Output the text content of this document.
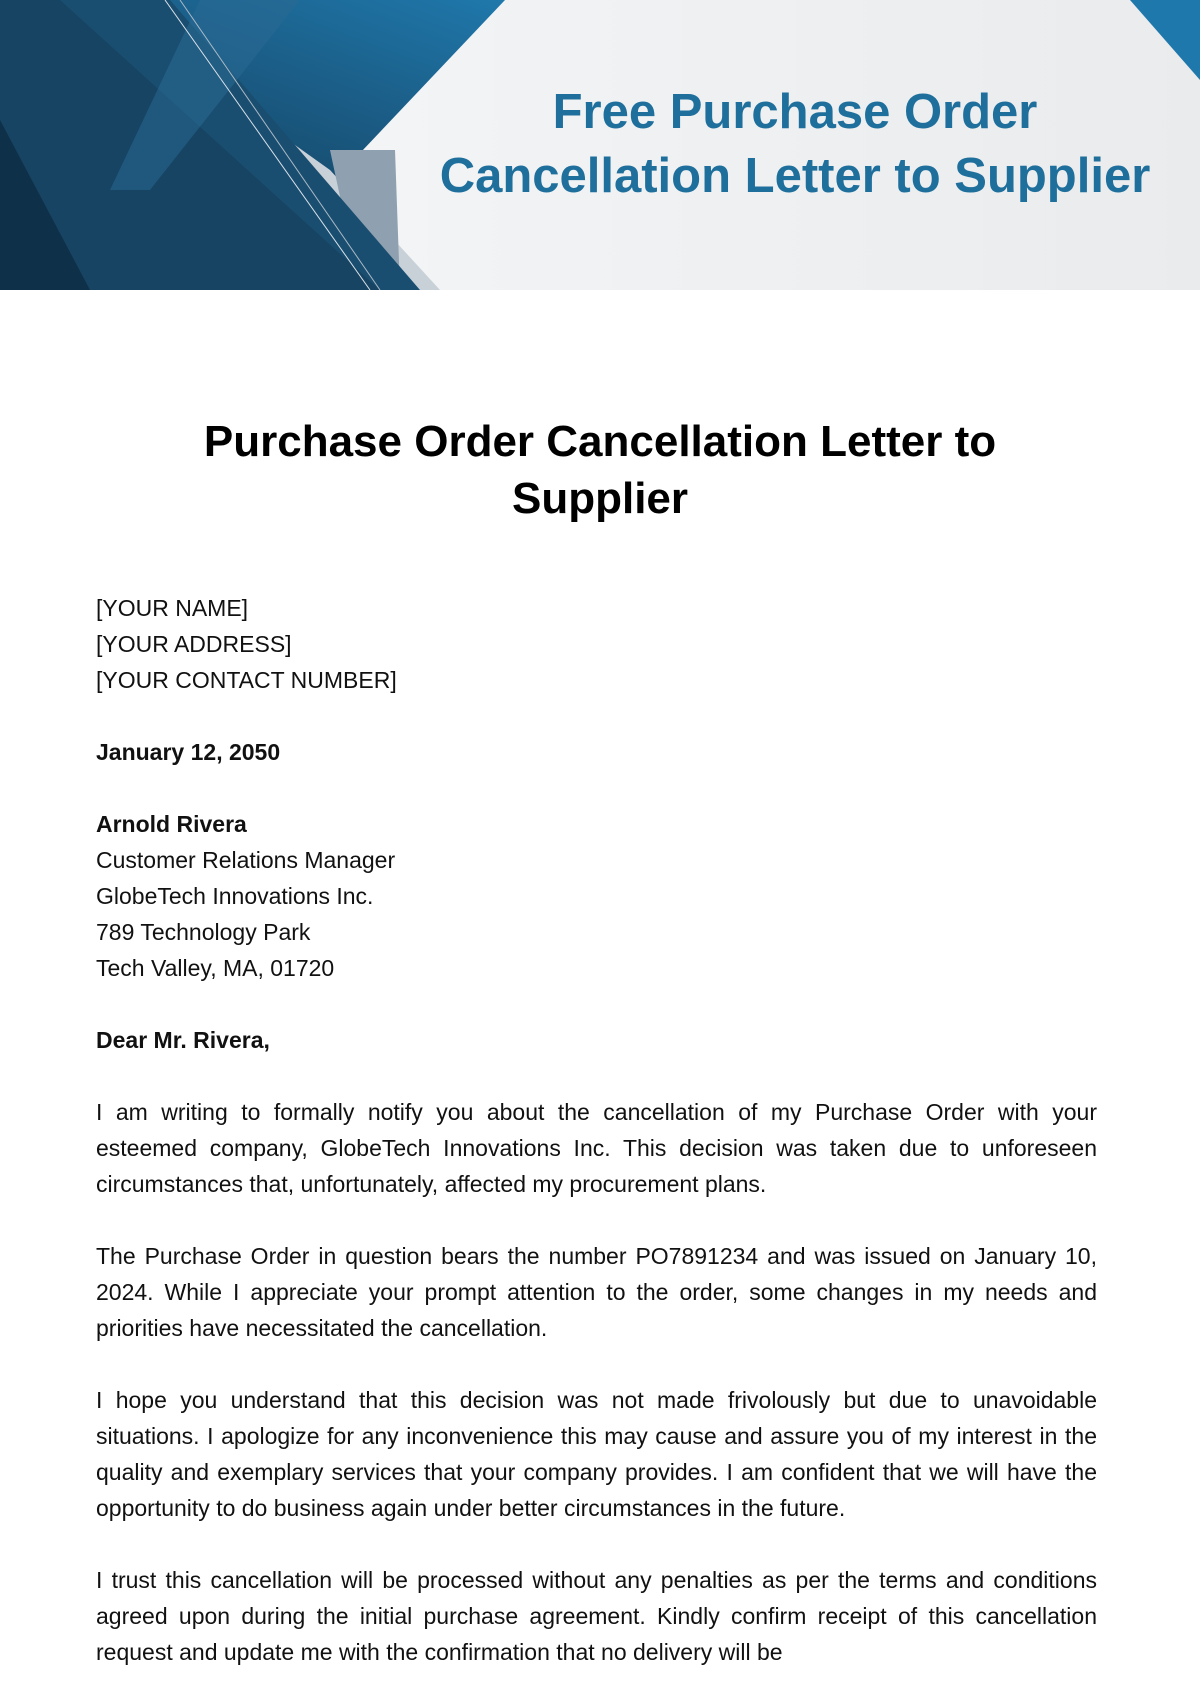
Free Purchase Order
Cancellation Letter to Supplier
Purchase Order Cancellation Letter to
Supplier
[YOUR NAME]
[YOUR ADDRESS]
[YOUR CONTACT NUMBER]
January 12, 2050
Arnold Rivera
Customer Relations Manager
GlobeTech Innovations Inc.
789 Technology Park
Tech Valley, MA, 01720
Dear Mr. Rivera,

I am writing to formally notify you about the cancellation of my Purchase Order with your esteemed company, GlobeTech Innovations Inc. This decision was taken due to unforeseen circumstances that, unfortunately, affected my procurement plans.

The Purchase Order in question bears the number PO7891234 and was issued on January 10, 2024. While I appreciate your prompt attention to the order, some changes in my needs and priorities have necessitated the cancellation.

I hope you understand that this decision was not made frivolously but due to unavoidable situations. I apologize for any inconvenience this may cause and assure you of my interest in the quality and exemplary services that your company provides. I am confident that we will have the opportunity to do business again under better circumstances in the future.

I trust this cancellation will be processed without any penalties as per the terms and conditions agreed upon during the initial purchase agreement. Kindly confirm receipt of this cancellation request and update me with the confirmation that no delivery will be
